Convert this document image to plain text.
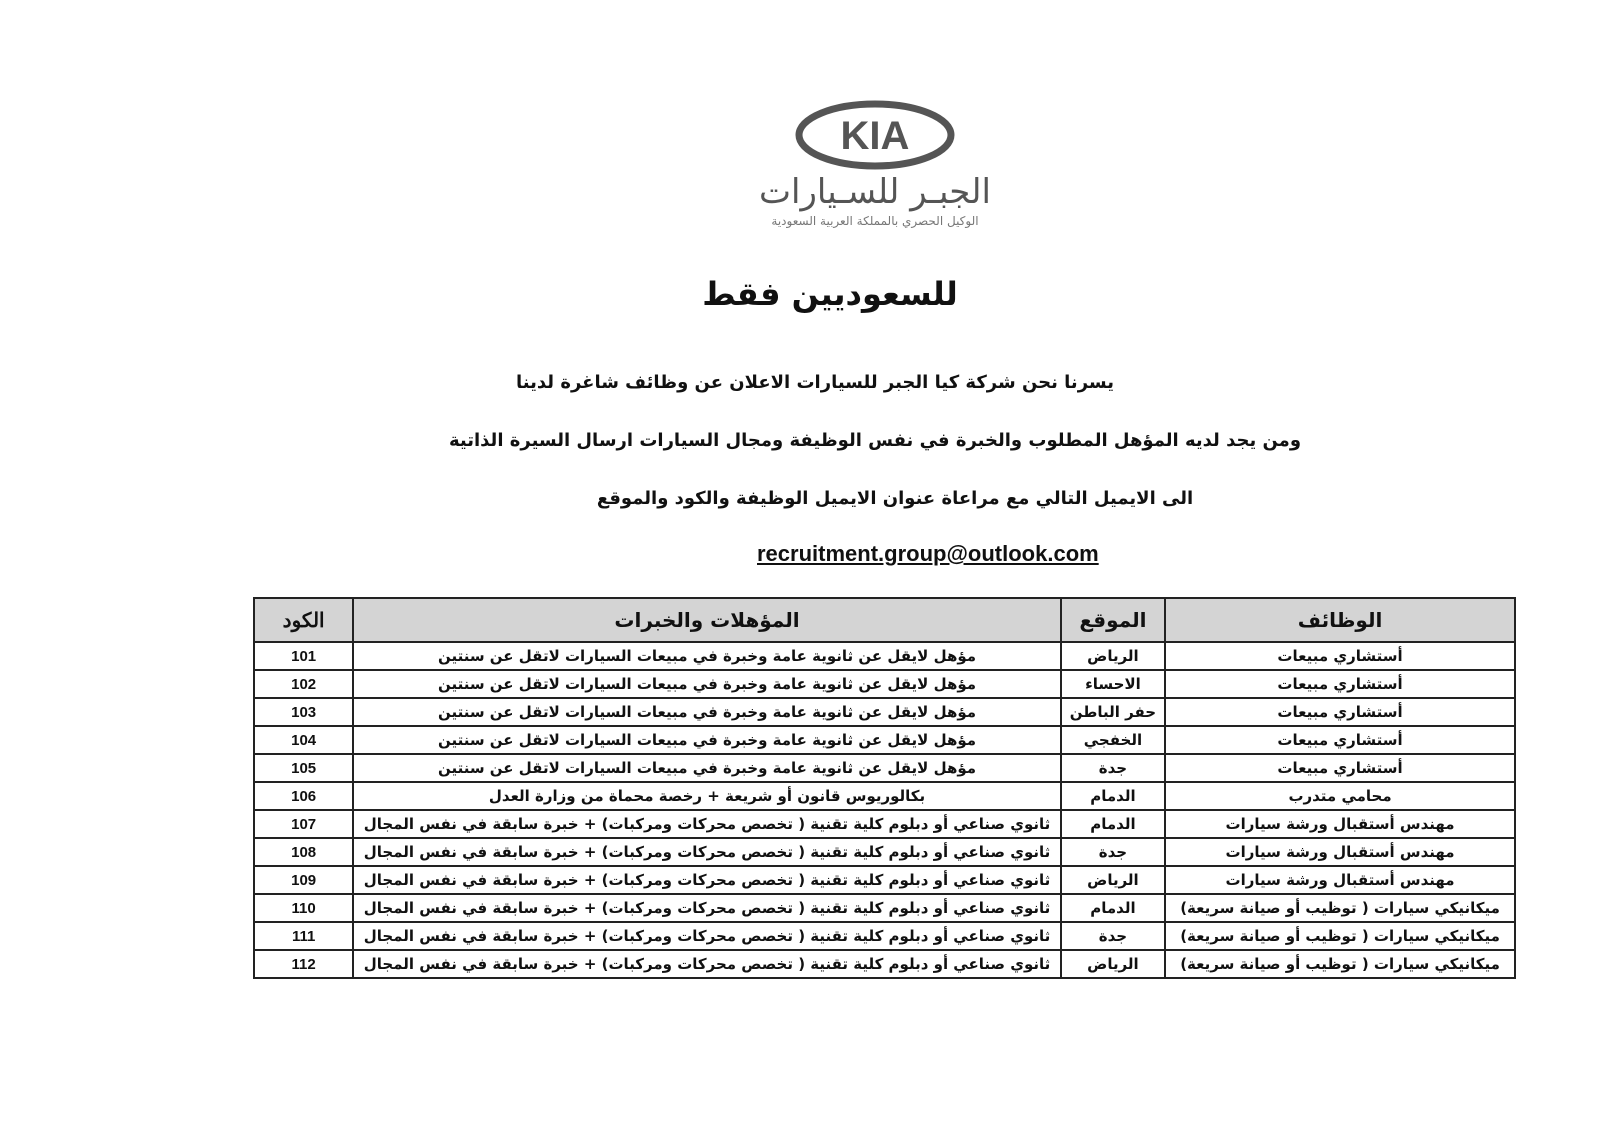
KIA
الجبـر للسـيارات
الوكيل الحصري بالمملكة العربية السعودية
للسعوديين فقط
يسرنا نحن شركة كيا الجبر للسيارات الاعلان عن وظائف شاغرة لدينا
ومن يجد لديه المؤهل المطلوب والخبرة في نفس الوظيفة ومجال السيارات ارسال السيرة الذاتية
الى الايميل التالي مع مراعاة عنوان الايميل الوظيفة والكود والموقع
recruitment.group@outlook.com
الوظائف	الموقع	المؤهلات والخبرات	الكود
أستشاري مبيعات	الرياض	مؤهل لايقل عن ثانوية عامة وخبرة في مبيعات السيارات لاتقل عن سنتين	101
أستشاري مبيعات	الاحساء	مؤهل لايقل عن ثانوية عامة وخبرة في مبيعات السيارات لاتقل عن سنتين	102
أستشاري مبيعات	حفر الباطن	مؤهل لايقل عن ثانوية عامة وخبرة في مبيعات السيارات لاتقل عن سنتين	103
أستشاري مبيعات	الخفجي	مؤهل لايقل عن ثانوية عامة وخبرة في مبيعات السيارات لاتقل عن سنتين	104
أستشاري مبيعات	جدة	مؤهل لايقل عن ثانوية عامة وخبرة في مبيعات السيارات لاتقل عن سنتين	105
محامي متدرب	الدمام	بكالوريوس قانون أو شريعة + رخصة محماة من وزارة العدل	106
مهندس أستقبال ورشة سيارات	الدمام	ثانوي صناعي أو دبلوم كلية تقنية ( تخصص محركات ومركبات) + خبرة سابقة في نفس المجال	107
مهندس أستقبال ورشة سيارات	جدة	ثانوي صناعي أو دبلوم كلية تقنية ( تخصص محركات ومركبات) + خبرة سابقة في نفس المجال	108
مهندس أستقبال ورشة سيارات	الرياض	ثانوي صناعي أو دبلوم كلية تقنية ( تخصص محركات ومركبات) + خبرة سابقة في نفس المجال	109
ميكانيكي سيارات ( توظيب أو صيانة سريعة)	الدمام	ثانوي صناعي أو دبلوم كلية تقنية ( تخصص محركات ومركبات) + خبرة سابقة في نفس المجال	110
ميكانيكي سيارات ( توظيب أو صيانة سريعة)	جدة	ثانوي صناعي أو دبلوم كلية تقنية ( تخصص محركات ومركبات) + خبرة سابقة في نفس المجال	111
ميكانيكي سيارات ( توظيب أو صيانة سريعة)	الرياض	ثانوي صناعي أو دبلوم كلية تقنية ( تخصص محركات ومركبات) + خبرة سابقة في نفس المجال	112
